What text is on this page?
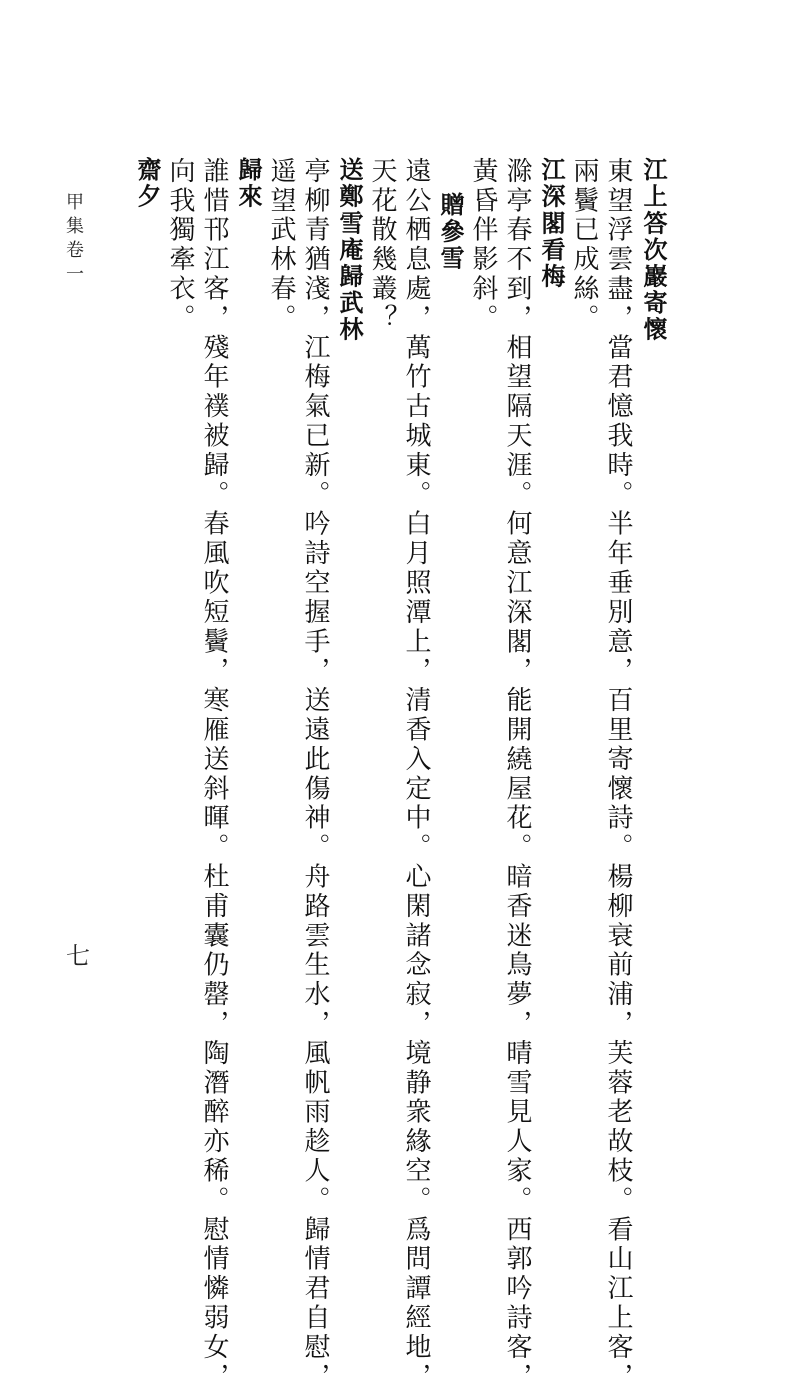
江上答次巖寄懷
東望浮雲盡，當君憶我時。半年垂別意，百里寄懷詩。楊柳衰前浦，芙蓉老故枝。看山江上客，
兩鬢已成絲。
江深閣看梅
滁亭春不到，相望隔天涯。何意江深閣，能開繞屋花。暗香迷鳥夢，晴雪見人家。西郭吟詩客，
黃昏伴影斜。
贈參雪
遠公栖息處，萬竹古城東。白月照潭上，清香入定中。心閑諸念寂，境静衆緣空。爲問譚經地，
天花散幾叢？
送鄭雪庵歸武林
亭柳青猶淺，江梅氣已新。吟詩空握手，送遠此傷神。舟路雲生水，風帆雨趁人。歸情君自慰，
遥望武林春。
歸來
誰惜邗江客，殘年襆被歸。春風吹短鬢，寒雁送斜暉。杜甫囊仍罄，陶潛醉亦稀。慰情憐弱女，
向我獨牽衣。
齋夕
甲集卷一
七
